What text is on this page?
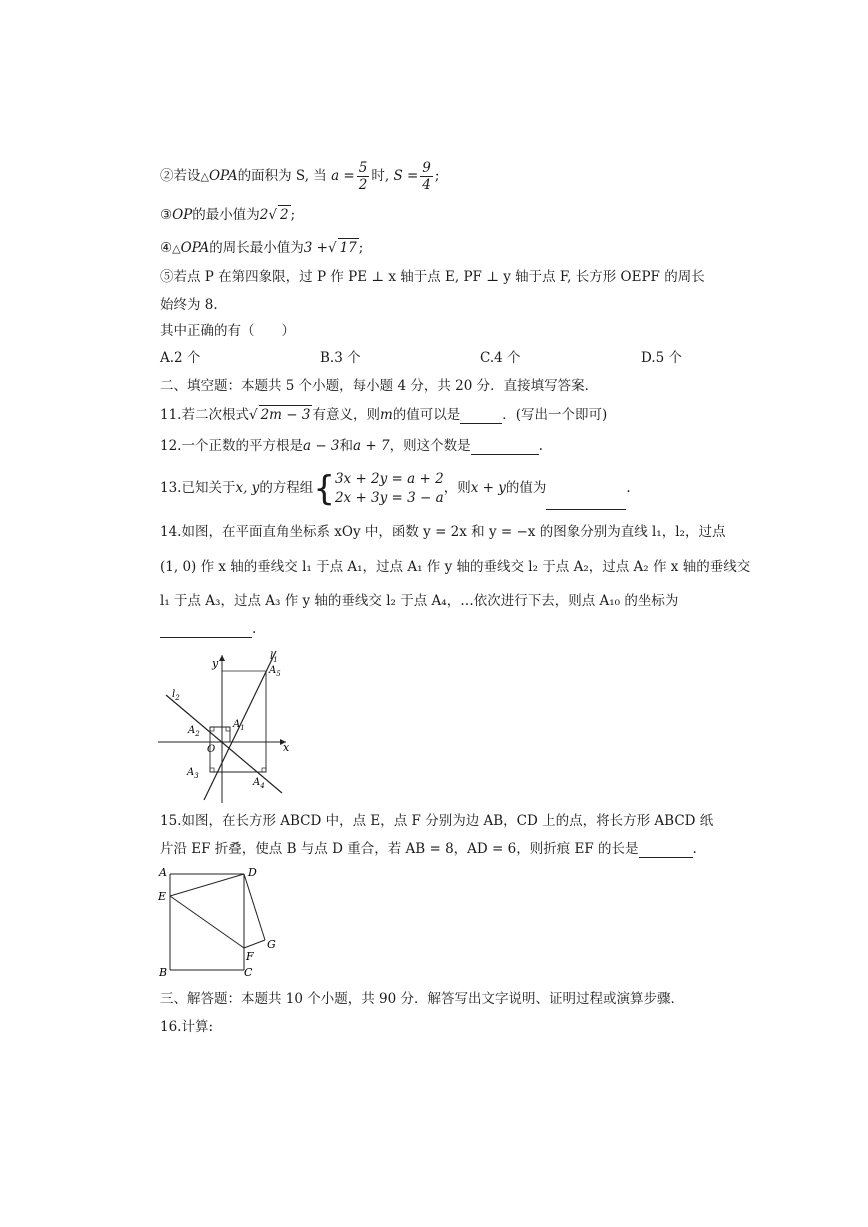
②若设△OPA的面积为 S, 当 $a = \frac{5}{2}$ 时, $S = \frac{9}{4}$ ;
③OP的最小值为2√ 2 ;
④△OPA的周长最小值为3 +√ 17 ;
⑤若点 P 在第四象限，过 P 作 PE ⊥ x 轴于点 E, PF ⊥ y 轴于点 F, 长方形 OEPF 的周长
始终为 8.
其中正确的有（　　）
A.2 个	B.3 个	C.4 个	D.5 个
二、填空题：本题共 5 个小题，每小题 4 分，共 20 分．直接填写答案．
11.若二次根式√ 2m − 3 有意义，则m的值可以是	．(写出一个即可)
12.一个正数的平方根是a − 3和a + 7，则这个数是	.
13.已知关于x, y的方程组{ 3x + 2y = a + 2
2x + 3y = 3 − a
，则x + y的值为	.
14.如图，在平面直角坐标系 xOy 中，函数 y = 2x 和 y = −x 的图象分别为直线 l₁，l₂，过点
(1, 0) 作 x 轴的垂线交 l₁ 于点 A₁，过点 A₁ 作 y 轴的垂线交 l₂ 于点 A₂，过点 A₂ 作 x 轴的垂线交
l₁ 于点 A₃，过点 A₃ 作 y 轴的垂线交 l₂ 于点 A₄，…依次进行下去，则点 A₁₀ 的坐标为
.
y
x
O
$l_1$
$l_2$
$A_1$
$A_2$
$A_3$
$A_4$
$A_5$
15.如图，在长方形 ABCD 中，点 E，点 F 分别为边 AB，CD 上的点，将长方形 ABCD 纸
片沿 EF 折叠，使点 B 与点 D 重合，若 AB = 8，AD = 6，则折痕 EF 的长是	.
A	D
E
G
F
B	C
三、解答题：本题共 10 个小题，共 90 分．解答写出文字说明、证明过程或演算步骤．
16.计算:
